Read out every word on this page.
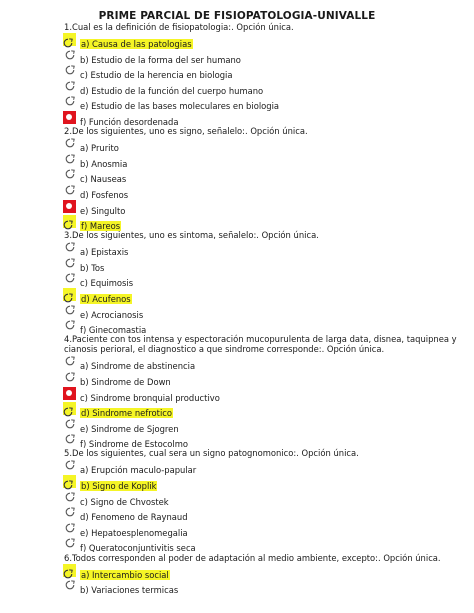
PRIME PARCIAL DE FISIOPATOLOGIA-UNIVALLE
1.Cual es la definición de fisiopatologia:. Opción única.
a) Causa de las patologias
b) Estudio de la forma del ser humano
c) Estudio de la herencia en biologia
d) Estudio de la función del cuerpo humano
e) Estudio de las bases moleculares en biologia
f) Función desordenada
2.De los siguientes, uno es signo, señalelo:. Opción única.
a) Prurito
b) Anosmia
c) Nauseas
d) Fosfenos
e) Singulto
f) Mareos
3.De los siguientes, uno es sintoma, señalelo:. Opción única.
a) Epistaxis
b) Tos
c) Equimosis
d) Acufenos
e) Acrocianosis
f) Ginecomastia
4.Paciente con tos intensa y espectoración mucopurulenta de larga data, disnea, taquipnea y
cianosis perioral, el diagnostico a que sindrome corresponde:. Opción única.
a) Sindrome de abstinencia
b) Sindrome de Down
c) Sindrome bronquial productivo
d) Sindrome nefrotico
e) Sindrome de Sjogren
f) Sindrome de Estocolmo
5.De los siguientes, cual sera un signo patognomonico:. Opción única.
a) Erupción maculo-papular
b) Signo de Koplik
c) Signo de Chvostek
d) Fenomeno de Raynaud
e) Hepatoesplenomegalia
f) Queratoconjuntivitis seca
6.Todos corresponden al poder de adaptación al medio ambiente, excepto:. Opción única.
a) Intercambio social
b) Variaciones termicas
